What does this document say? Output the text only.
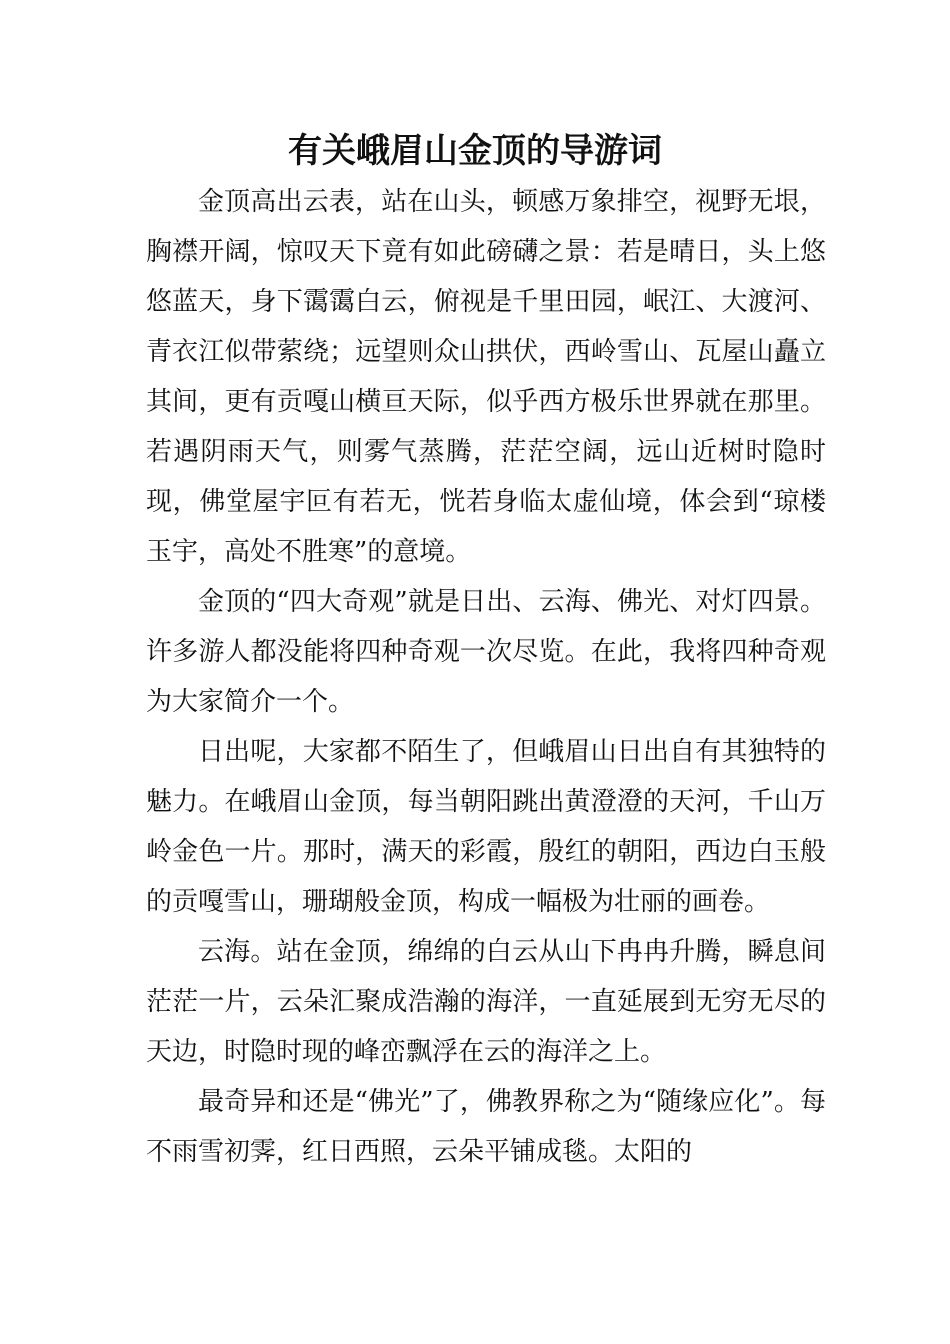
有关峨眉山金顶的导游词

金顶高出云表，站在山头，顿感万象排空，视野无垠，胸襟开阔，惊叹天下竟有如此磅礴之景：若是晴日，头上悠悠蓝天，身下霭霭白云，俯视是千里田园，岷江、大渡河、青衣江似带萦绕；远望则众山拱伏，西岭雪山、瓦屋山矗立其间，更有贡嘎山横亘天际，似乎西方极乐世界就在那里。若遇阴雨天气，则雾气蒸腾，茫茫空阔，远山近树时隐时现，佛堂屋宇叵有若无，恍若身临太虚仙境，体会到“琼楼玉宇，高处不胜寒”的意境。

金顶的“四大奇观”就是日出、云海、佛光、对灯四景。许多游人都没能将四种奇观一次尽览。在此，我将四种奇观为大家简介一个。

日出呢，大家都不陌生了，但峨眉山日出自有其独特的魅力。在峨眉山金顶，每当朝阳跳出黄澄澄的天河，千山万岭金色一片。那时，满天的彩霞，殷红的朝阳，西边白玉般的贡嘎雪山，珊瑚般金顶，构成一幅极为壮丽的画卷。

云海。站在金顶，绵绵的白云从山下冉冉升腾，瞬息间茫茫一片，云朵汇聚成浩瀚的海洋，一直延展到无穷无尽的天边，时隐时现的峰峦飘浮在云的海洋之上。

最奇异和还是“佛光”了，佛教界称之为“随缘应化”。每不雨雪初霁，红日西照，云朵平铺成毯。太阳的
